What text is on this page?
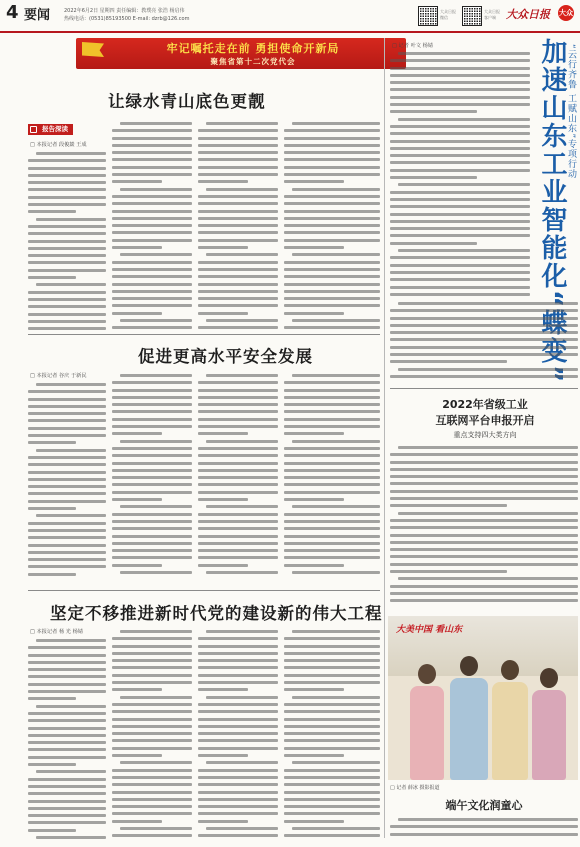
4 要闻	2022年6月2日 星期四 责任编辑：教璞亮 张浩 杨启伟
热线电话：(0531)85193500 E-mail: dzrb@126.com
大众日报 微信
大众日报 客户端 大众日报 大众
牢记嘱托走在前 勇担使命开新局
聚焦省第十二次党代会
让绿水青山底色更靓
报告深读
□ 本报记者 段俊燚 王成
促进更高水平安全发展
□ 本报记者 谷庆 于新民
坚定不移推进新时代党的建设新的伟大工程
□ 本报记者 杨 光 杨婧
加速山东工业智能化“蝶变” “云行齐鲁 工赋山东”专项行动
□ 记者 叶文 杨婧
2022年省级工业
互联网平台申报开启
重点支持四大类方向
大美中国 看山东
□ 记者 薛冰 摄影报道
端午文化润童心
